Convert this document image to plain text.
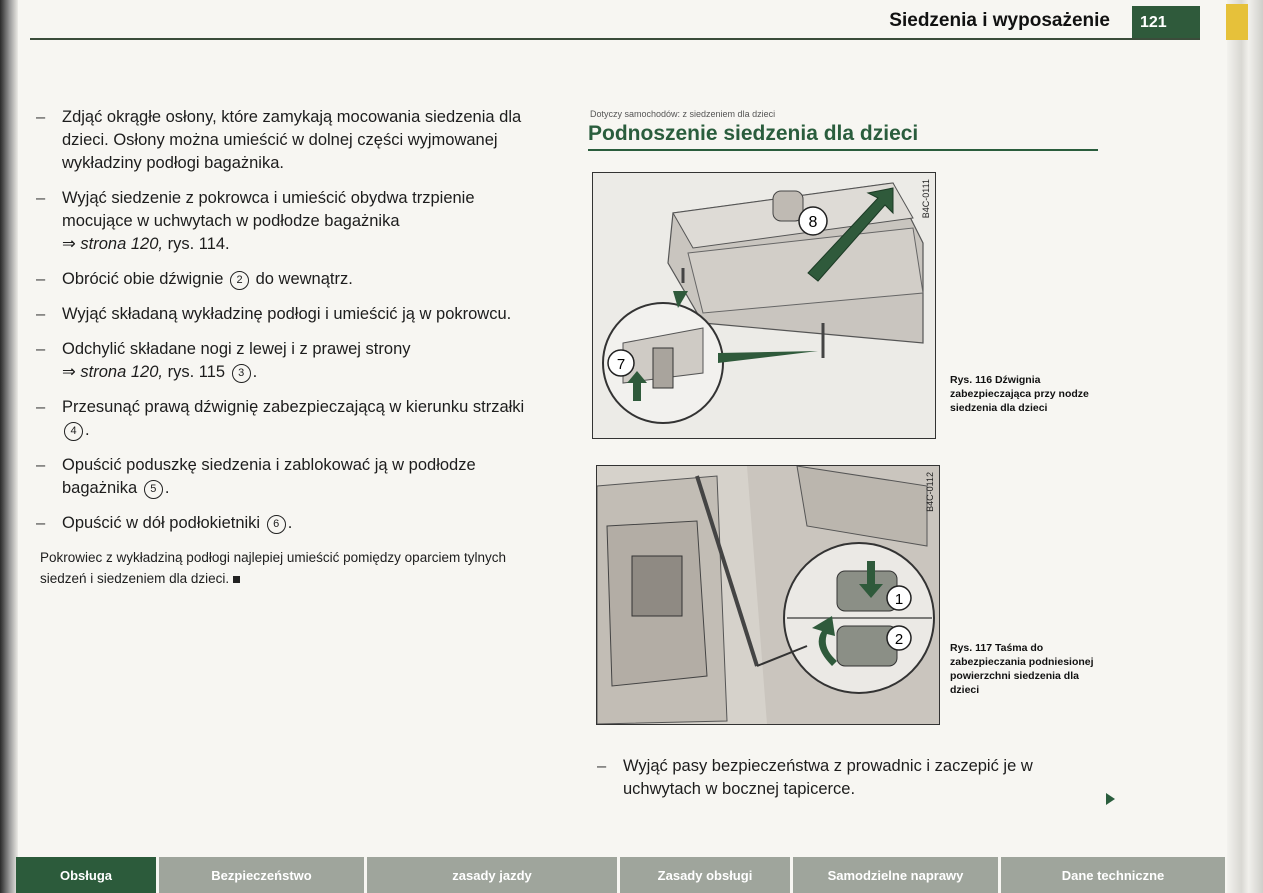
Siedzenia i wyposażenie	121
–	Zdjąć okrągłe osłony, które zamykają mocowania siedzenia dla dzieci. Osłony można umieścić w dolnej części wyjmowanej wykładziny podłogi bagażnika.
–	Wyjąć siedzenie z pokrowca i umieścić obydwa trzpienie mocujące w uchwytach w podłodze bagażnika
⇒ strona 120, rys. 114.
–	Obrócić obie dźwignie 2 do wewnątrz.
–	Wyjąć składaną wykładzinę podłogi i umieścić ją w pokrowcu.
–	Odchylić składane nogi z lewej i z prawej strony
⇒ strona 120, rys. 115 3 .
–	Przesunąć prawą dźwignię zabezpieczającą w kierunku strzałki 4 .
–	Opuścić poduszkę siedzenia i zablokować ją w podłodze bagażnika 5 .
–	Opuścić w dół podłokietniki 6 .
Pokrowiec z wykładziną podłogi najlepiej umieścić pomiędzy oparciem tylnych siedzeń i siedzeniem dla dzieci.
Dotyczy samochodów: z siedzeniem dla dzieci
Podnoszenie siedzenia dla dzieci
8
7
B4C-0111
Rys. 116 Dźwignia zabezpieczająca przy nodze siedzenia dla dzieci
1
2
B4C-0112
Rys. 117 Taśma do zabezpieczania podniesionej powierzchni siedzenia dla dzieci
–	Wyjąć pasy bezpieczeństwa z prowadnic i zaczepić je w uchwytach w bocznej tapicerce.
Obsługa	Bezpieczeństwo	zasady jazdy	Zasady obsługi	Samodzielne naprawy	Dane techniczne
